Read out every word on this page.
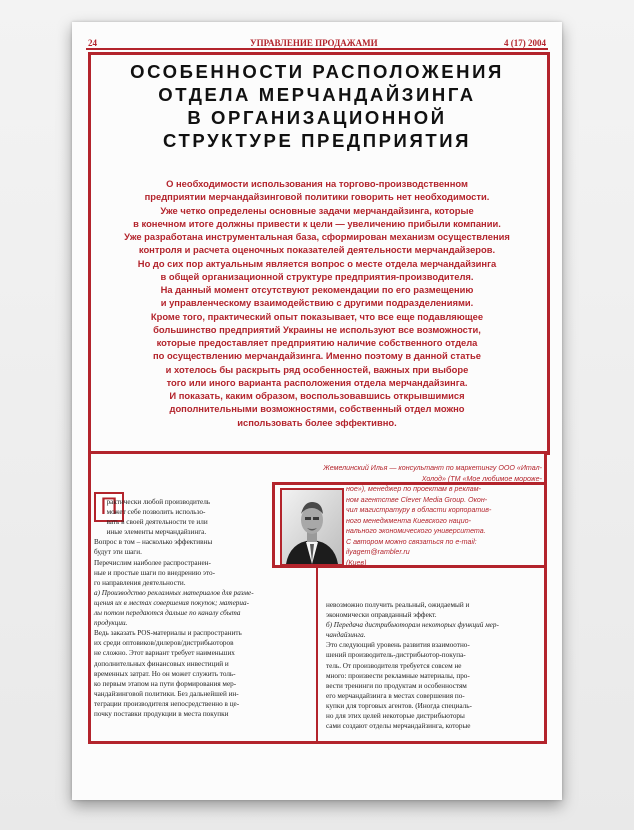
24	УПРАВЛЕНИЕ ПРОДАЖАМИ	4 (17) 2004
ОСОБЕННОСТИ РАСПОЛОЖЕНИЯ
ОТДЕЛА МЕРЧАНДАЙЗИНГА
В ОРГАНИЗАЦИОННОЙ
СТРУКТУРЕ ПРЕДПРИЯТИЯ
О необходимости использования на торгово-производственном
предприятии мерчандайзинговой политики говорить нет необходимости.
Уже четко определены основные задачи мерчандайзинга, которые
в конечном итоге должны привести к цели — увеличению прибыли компании.
Уже разработана инструментальная база, сформирован механизм осуществления
контроля и расчета оценочных показателей деятельности мерчандайзеров.
Но до сих пор актуальным является вопрос о месте отдела мерчандайзинга
в общей организационной структуре предприятия-производителя.
На данный момент отсутствуют рекомендации по его размещению
и управленческому взаимодействию с другими подразделениями.
Кроме того, практический опыт показывает, что все еще подавляющее
большинство предприятий Украины не используют все возможности,
которые предоставляет предприятию наличие собственного отдела
по осуществлению мерчандайзинга. Именно поэтому в данной статье
и хотелось бы раскрыть ряд особенностей, важных при выборе
того или иного варианта расположения отдела мерчандайзинга.
И показать, каким образом, воспользовавшись открывшимися
дополнительными возможностями, собственный отдел можно
использовать более эффективно.
Жемелинский Илья — консультант по маркетингу ООО «Итал-
Холод» (ТМ «Мое любимое мороже-
ное»), менеджер по проектам в реклам-
ном агентстве Clever Media Group. Окон-
чил магистратуру в области корпоратив-
ного менеджмента Киевского нацио-
нального экономического университета.
С автором можно связаться по e-mail:
ilyagem@rambler.ru
(Киев)
П
рактически любой производитель
может себе позволить использо-
вать в своей деятельности те или
иные элементы мерчандайзинга.
Вопрос в том – насколько эффективны
будут эти шаги.
Перечислим наиболее распространен-
ные и простые шаги по внедрению это-
го направления деятельности.
а) Производство рекламных материалов для разме-
щения их в местах совершения покупок; материа-
лы потом передаются дальше по каналу сбыта
продукции.
Ведь заказать POS-материалы и распространить
их среди оптовиков/дилеров/дистрибьюторов
не сложно. Этот вариант требует наименьших
дополнительных финансовых инвестиций и
временных затрат. Но он может служить толь-
ко первым этапом на пути формирования мер-
чандайзинговой политики. Без дальнейшей ин-
теграции производителя непосредственно в це-
почку поставки продукции в места покупки
невозможно получить реальный, ожидаемый и
экономически оправданный эффект.
б) Передача дистрибьюторам некоторых функций мер-
чандайзинга.
Это следующий уровень развития взаимоотно-
шений производитель-дистрибьютор-покупа-
тель. От производителя требуется совсем не
много: произвести рекламные материалы, про-
вести тренинги по продуктам и особенностям
его мерчандайзинга в местах совершения по-
купки для торговых агентов. (Иногда специаль-
но для этих целей некоторые дистрибьюторы
сами создают отделы мерчандайзинга, которые
